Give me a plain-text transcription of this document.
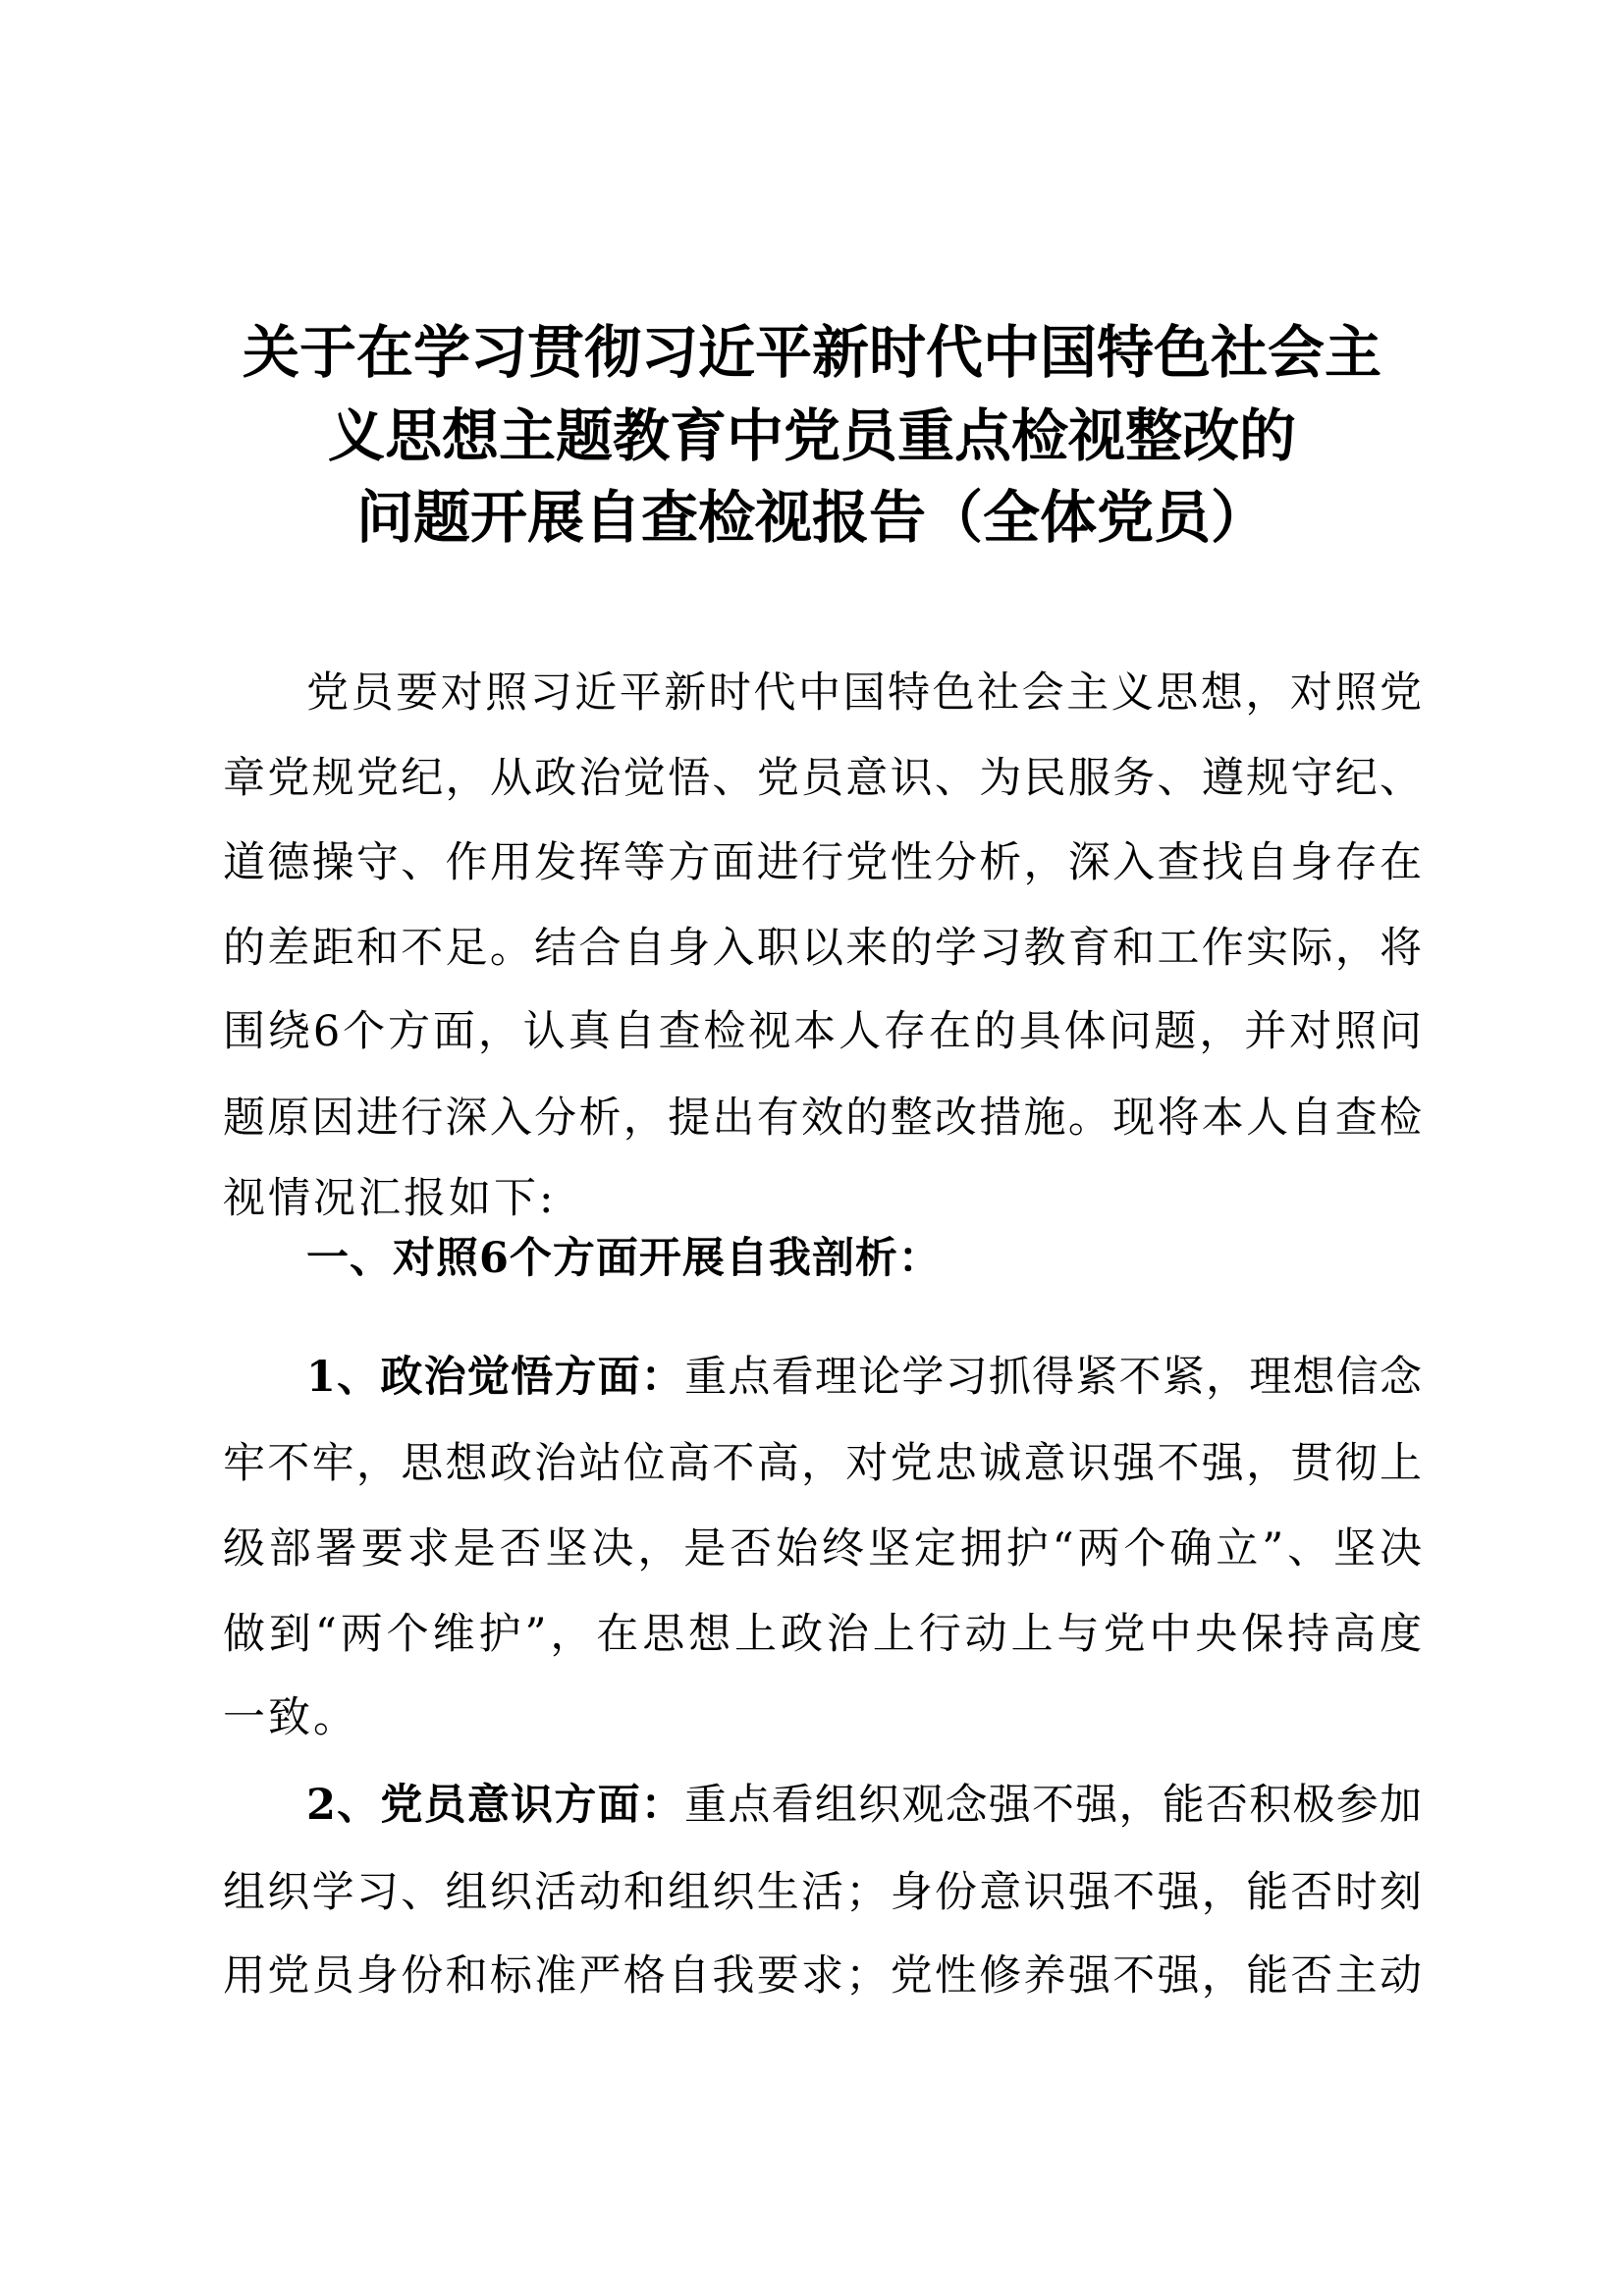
关于在学习贯彻习近平新时代中国特色社会主
义思想主题教育中党员重点检视整改的
问题开展自查检视报告（全体党员）
党员要对照习近平新时代中国特色社会主义思想，对照党
章党规党纪，从政治觉悟、党员意识、为民服务、遵规守纪、
道德操守、作用发挥等方面进行党性分析，深入查找自身存在
的差距和不足。结合自身入职以来的学习教育和工作实际，将
围绕6个方面，认真自查检视本人存在的具体问题，并对照问
题原因进行深入分析，提出有效的整改措施。现将本人自查检
视情况汇报如下:
一、对照6个方面开展自我剖析：
1、政治觉悟方面：重点看理论学习抓得紧不紧，理想信念
牢不牢，思想政治站位高不高，对党忠诚意识强不强，贯彻上
级部署要求是否坚决，是否始终坚定拥护“两个确立”、坚决
做到“两个维护”，在思想上政治上行动上与党中央保持高度
一致。
2、党员意识方面：重点看组织观念强不强，能否积极参加
组织学习、组织活动和组织生活；身份意识强不强，能否时刻
用党员身份和标准严格自我要求；党性修养强不强，能否主动
